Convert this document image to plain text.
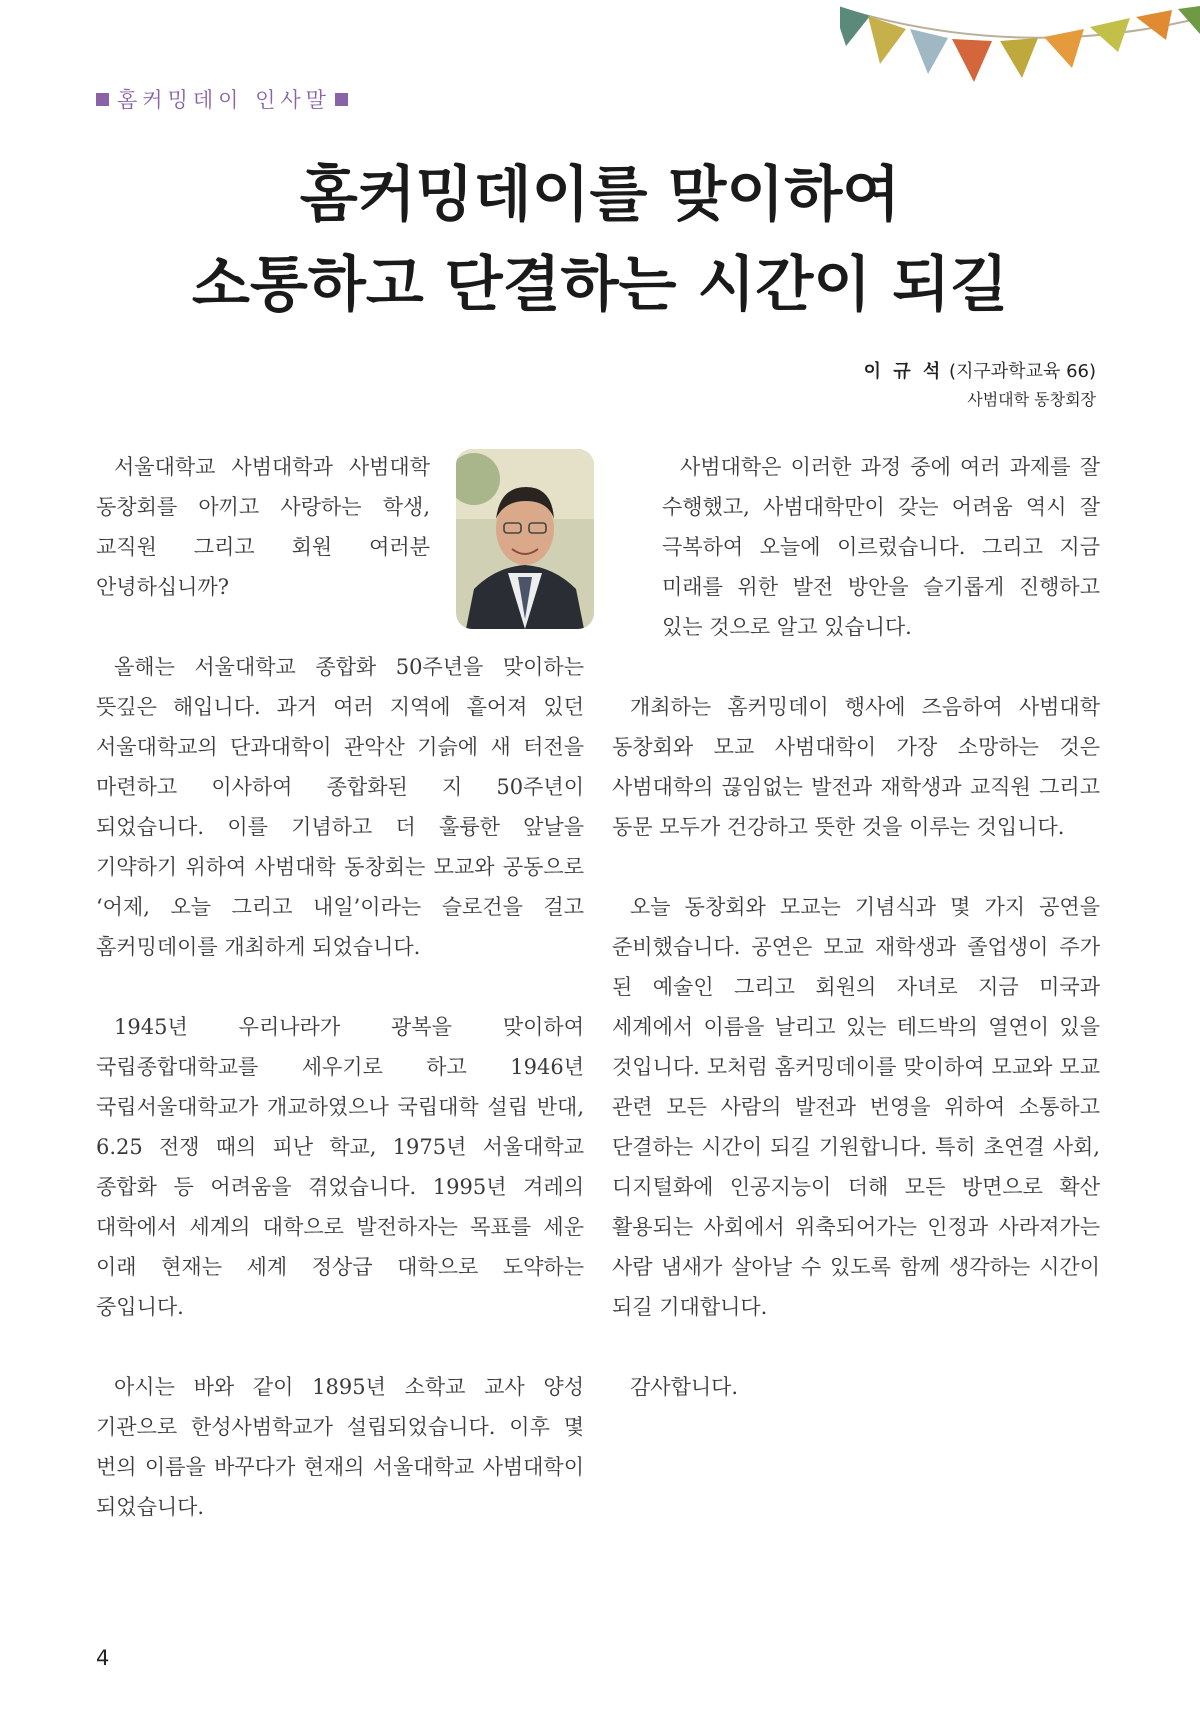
홈커밍데이 인사말
홈커밍데이를 맞이하여
소통하고 단결하는 시간이 되길
이 규 석 (지구과학교육 66)
사범대학 동창회장

서울대학교 사범대학과 사범대학 동창회를 아끼고 사랑하는 학생, 교직원 그리고 회원 여러분 안녕하십니까?

올해는 서울대학교 종합화 50주년을 맞이하는 뜻깊은 해입니다. 과거 여러 지역에 흩어져 있던 서울대학교의 단과대학이 관악산 기슭에 새 터전을 마련하고 이사하여 종합화된 지 50주년이 되었습니다. 이를 기념하고 더 훌륭한 앞날을 기약하기 위하여 사범대학 동창회는 모교와 공동으로 ‘어제, 오늘 그리고 내일’이라는 슬로건을 걸고 홈커밍데이를 개최하게 되었습니다.

1945년 우리나라가 광복을 맞이하여 국립종합대학교를 세우기로 하고 1946년 국립서울대학교가 개교하였으나 국립대학 설립 반대, 6.25 전쟁 때의 피난 학교, 1975년 서울대학교 종합화 등 어려움을 겪었습니다. 1995년 겨레의 대학에서 세계의 대학으로 발전하자는 목표를 세운 이래 현재는 세계 정상급 대학으로 도약하는 중입니다.

아시는 바와 같이 1895년 소학교 교사 양성 기관으로 한성사범학교가 설립되었습니다. 이후 몇 번의 이름을 바꾸다가 현재의 서울대학교 사범대학이 되었습니다.

사범대학은 이러한 과정 중에 여러 과제를 잘 수행했고, 사범대학만이 갖는 어려움 역시 잘 극복하여 오늘에 이르렀습니다. 그리고 지금 미래를 위한 발전 방안을 슬기롭게 진행하고 있는 것으로 알고 있습니다.

개최하는 홈커밍데이 행사에 즈음하여 사범대학 동창회와 모교 사범대학이 가장 소망하는 것은 사범대학의 끊임없는 발전과 재학생과 교직원 그리고 동문 모두가 건강하고 뜻한 것을 이루는 것입니다.

오늘 동창회와 모교는 기념식과 몇 가지 공연을 준비했습니다. 공연은 모교 재학생과 졸업생이 주가 된 예술인 그리고 회원의 자녀로 지금 미국과 세계에서 이름을 날리고 있는 테드박의 열연이 있을 것입니다. 모처럼 홈커밍데이를 맞이하여 모교와 모교 관련 모든 사람의 발전과 번영을 위하여 소통하고 단결하는 시간이 되길 기원합니다. 특히 초연결 사회, 디지털화에 인공지능이 더해 모든 방면으로 확산 활용되는 사회에서 위축되어가는 인정과 사라져가는 사람 냄새가 살아날 수 있도록 함께 생각하는 시간이 되길 기대합니다.

감사합니다.

4
